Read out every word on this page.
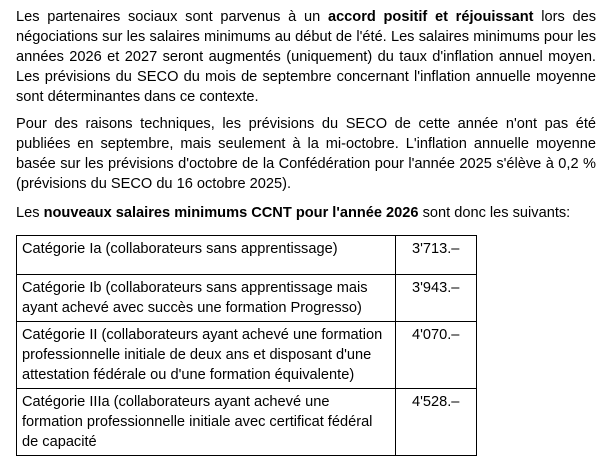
Les partenaires sociaux sont parvenus à un accord positif et réjouissant lors des négociations sur les salaires minimums au début de l'été. Les salaires minimums pour les années 2026 et 2027 seront augmentés (uniquement) du taux d'inflation annuel moyen. Les prévisions du SECO du mois de septembre concernant l'inflation annuelle moyenne sont déterminantes dans ce contexte.

Pour des raisons techniques, les prévisions du SECO de cette année n'ont pas été publiées en septembre, mais seulement à la mi-octobre. L'inflation annuelle moyenne basée sur les prévisions d'octobre de la Confédération pour l'année 2025 s'élève à 0,2 % (prévisions du SECO du 16 octobre 2025).

Les nouveaux salaires minimums CCNT pour l'année 2026 sont donc les suivants:

Catégorie Ia (collaborateurs sans apprentissage)	3'713.–
Catégorie Ib (collaborateurs sans apprentissage mais ayant achevé avec succès une formation Progresso)	3'943.–
Catégorie II (collaborateurs ayant achevé une formation professionnelle initiale de deux ans et disposant d'une attestation fédérale ou d'une formation équivalente)	4'070.–
Catégorie IIIa (collaborateurs ayant achevé une formation professionnelle initiale avec certificat fédéral de capacité	4'528.–
